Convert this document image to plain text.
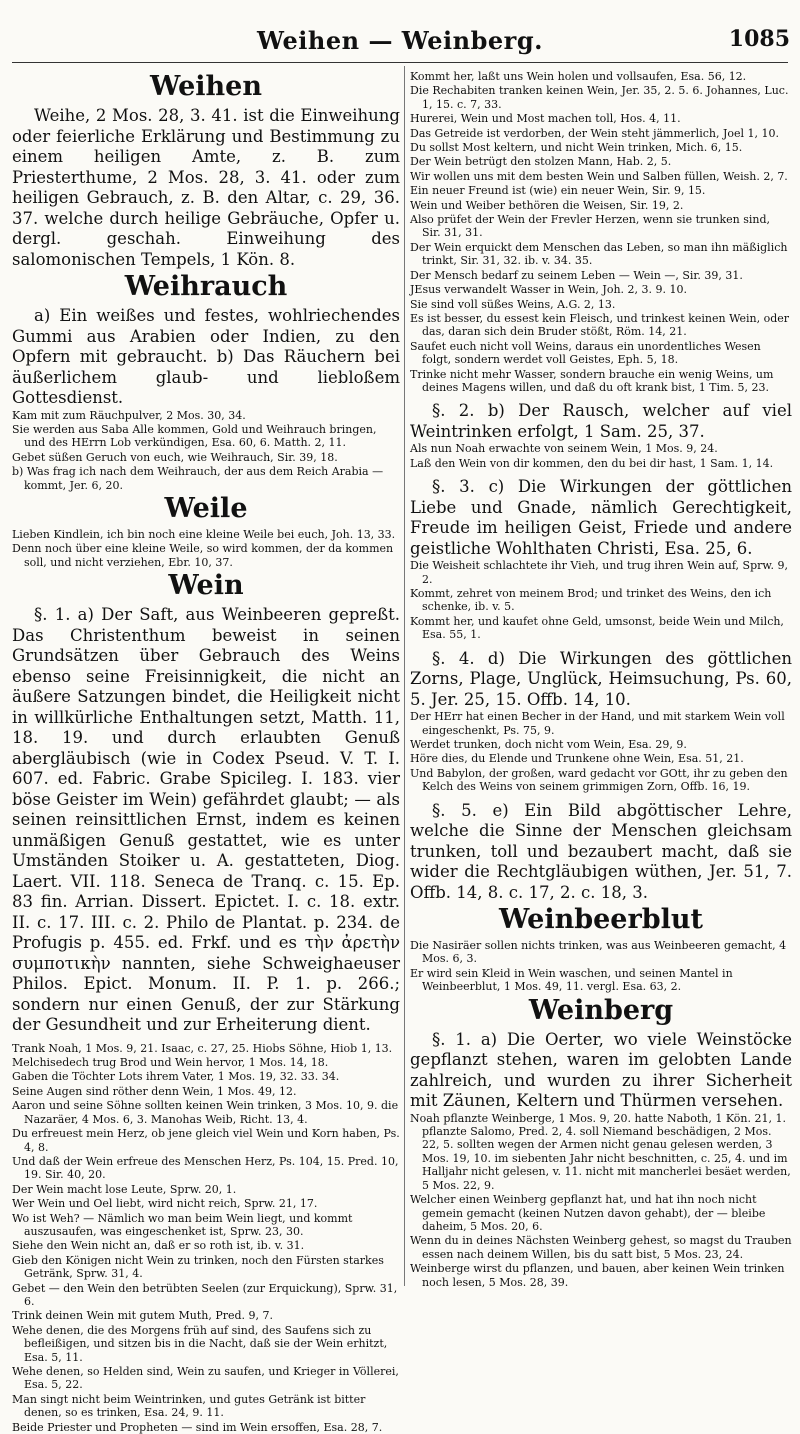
Weihen — Weinberg.	1085
Weihen

Weihe, 2 Mos. 28, 3. 41. ist die Einweihung oder feierliche Erklärung und Bestimmung zu einem heiligen Amte, z. B. zum Priesterthume, 2 Mos. 28, 3. 41. oder zum heiligen Gebrauch, z. B. den Altar, c. 29, 36. 37. welche durch heilige Gebräuche, Opfer u. dergl. geschah. Einweihung des salomonischen Tempels, 1 Kön. 8.

Weihrauch

a) Ein weißes und festes, wohlriechendes Gummi aus Arabien oder Indien, zu den Opfern mit gebraucht. b) Das Räuchern bei äußerlichem glaub- und liebloßem Gottesdienst.

Kam mit zum Räuchpulver, 2 Mos. 30, 34.

Sie werden aus Saba Alle kommen, Gold und Weihrauch bringen, und des HErrn Lob verkündigen, Esa. 60, 6. Matth. 2, 11.

Gebet süßen Geruch von euch, wie Weihrauch, Sir. 39, 18.

b) Was frag ich nach dem Weihrauch, der aus dem Reich Arabia — kommt, Jer. 6, 20.

Weile

Lieben Kindlein, ich bin noch eine kleine Weile bei euch, Joh. 13, 33.

Denn noch über eine kleine Weile, so wird kommen, der da kommen soll, und nicht verziehen, Ebr. 10, 37.

Wein

§. 1. a) Der Saft, aus Weinbeeren gepreßt. Das Christenthum beweist in seinen Grundsätzen über Gebrauch des Weins ebenso seine Freisinnigkeit, die nicht an äußere Satzungen bindet, die Heiligkeit nicht in willkürliche Enthaltungen setzt, Matth. 11, 18. 19. und durch erlaubten Genuß abergläubisch (wie in Codex Pseud. V. T. I. 607. ed. Fabric. Grabe Spicileg. I. 183. vier böse Geister im Wein) gefährdet glaubt; — als seinen reinsittlichen Ernst, indem es keinen unmäßigen Genuß gestattet, wie es unter Umständen Stoiker u. A. gestatteten, Diog. Laert. VII. 118. Seneca de Tranq. c. 15. Ep. 83 fin. Arrian. Dissert. Epictet. I. c. 18. extr. II. c. 17. III. c. 2. Philo de Plantat. p. 234. de Profugis p. 455. ed. Frkf. und es τὴν ἀρετὴν συμποτικὴν nannten, siehe Schweighaeuser Philos. Epict. Monum. II. P. 1. p. 266.; sondern nur einen Genuß, der zur Stärkung der Gesundheit und zur Erheiterung dient.

Trank Noah, 1 Mos. 9, 21. Isaac, c. 27, 25. Hiobs Söhne, Hiob 1, 13.

Melchisedech trug Brod und Wein hervor, 1 Mos. 14, 18.

Gaben die Töchter Lots ihrem Vater, 1 Mos. 19, 32. 33. 34.

Seine Augen sind röther denn Wein, 1 Mos. 49, 12.

Aaron und seine Söhne sollten keinen Wein trinken, 3 Mos. 10, 9. die Nazaräer, 4 Mos. 6, 3. Manohas Weib, Richt. 13, 4.

Du erfreuest mein Herz, ob jene gleich viel Wein und Korn haben, Ps. 4, 8.

Und daß der Wein erfreue des Menschen Herz, Ps. 104, 15. Pred. 10, 19. Sir. 40, 20.

Der Wein macht lose Leute, Sprw. 20, 1.

Wer Wein und Oel liebt, wird nicht reich, Sprw. 21, 17.

Wo ist Weh? — Nämlich wo man beim Wein liegt, und kommt auszusaufen, was eingeschenket ist, Sprw. 23, 30.

Siehe den Wein nicht an, daß er so roth ist, ib. v. 31.

Gieb den Königen nicht Wein zu trinken, noch den Fürsten starkes Getränk, Sprw. 31, 4.

Gebet — den Wein den betrübten Seelen (zur Erquickung), Sprw. 31, 6.

Trink deinen Wein mit gutem Muth, Pred. 9, 7.

Wehe denen, die des Morgens früh auf sind, des Saufens sich zu befleißigen, und sitzen bis in die Nacht, daß sie der Wein erhitzt, Esa. 5, 11.

Wehe denen, so Helden sind, Wein zu saufen, und Krieger in Völlerei, Esa. 5, 22.

Man singt nicht beim Weintrinken, und gutes Getränk ist bitter denen, so es trinken, Esa. 24, 9. 11.

Beide Priester und Propheten — sind im Wein ersoffen, Esa. 28, 7.

Kommt her, laßt uns Wein holen und vollsaufen, Esa. 56, 12.

Die Rechabiten tranken keinen Wein, Jer. 35, 2. 5. 6. Johannes, Luc. 1, 15. c. 7, 33.

Hurerei, Wein und Most machen toll, Hos. 4, 11.

Das Getreide ist verdorben, der Wein steht jämmerlich, Joel 1, 10.

Du sollst Most keltern, und nicht Wein trinken, Mich. 6, 15.

Der Wein betrügt den stolzen Mann, Hab. 2, 5.

Wir wollen uns mit dem besten Wein und Salben füllen, Weish. 2, 7.

Ein neuer Freund ist (wie) ein neuer Wein, Sir. 9, 15.

Wein und Weiber bethören die Weisen, Sir. 19, 2.

Also prüfet der Wein der Frevler Herzen, wenn sie trunken sind, Sir. 31, 31.

Der Wein erquickt dem Menschen das Leben, so man ihn mäßiglich trinkt, Sir. 31, 32. ib. v. 34. 35.

Der Mensch bedarf zu seinem Leben — Wein —, Sir. 39, 31.

JEsus verwandelt Wasser in Wein, Joh. 2, 3. 9. 10.

Sie sind voll süßes Weins, A.G. 2, 13.

Es ist besser, du essest kein Fleisch, und trinkest keinen Wein, oder das, daran sich dein Bruder stößt, Röm. 14, 21.

Saufet euch nicht voll Weins, daraus ein unordentliches Wesen folgt, sondern werdet voll Geistes, Eph. 5, 18.

Trinke nicht mehr Wasser, sondern brauche ein wenig Weins, um deines Magens willen, und daß du oft krank bist, 1 Tim. 5, 23.

§. 2. b) Der Rausch, welcher auf viel Weintrinken erfolgt, 1 Sam. 25, 37.

Als nun Noah erwachte von seinem Wein, 1 Mos. 9, 24.

Laß den Wein von dir kommen, den du bei dir hast, 1 Sam. 1, 14.

§. 3. c) Die Wirkungen der göttlichen Liebe und Gnade, nämlich Gerechtigkeit, Freude im heiligen Geist, Friede und andere geistliche Wohlthaten Christi, Esa. 25, 6.

Die Weisheit schlachtete ihr Vieh, und trug ihren Wein auf, Sprw. 9, 2.

Kommt, zehret von meinem Brod; und trinket des Weins, den ich schenke, ib. v. 5.

Kommt her, und kaufet ohne Geld, umsonst, beide Wein und Milch, Esa. 55, 1.

§. 4. d) Die Wirkungen des göttlichen Zorns, Plage, Unglück, Heimsuchung, Ps. 60, 5. Jer. 25, 15. Offb. 14, 10.

Der HErr hat einen Becher in der Hand, und mit starkem Wein voll eingeschenkt, Ps. 75, 9.

Werdet trunken, doch nicht vom Wein, Esa. 29, 9.

Höre dies, du Elende und Trunkene ohne Wein, Esa. 51, 21.

Und Babylon, der großen, ward gedacht vor GOtt, ihr zu geben den Kelch des Weins von seinem grimmigen Zorn, Offb. 16, 19.

§. 5. e) Ein Bild abgöttischer Lehre, welche die Sinne der Menschen gleichsam trunken, toll und bezaubert macht, daß sie wider die Rechtgläubigen wüthen, Jer. 51, 7. Offb. 14, 8. c. 17, 2. c. 18, 3.

Weinbeerblut

Die Nasiräer sollen nichts trinken, was aus Weinbeeren gemacht, 4 Mos. 6, 3.

Er wird sein Kleid in Wein waschen, und seinen Mantel in Weinbeerblut, 1 Mos. 49, 11. vergl. Esa. 63, 2.

Weinberg

§. 1. a) Die Oerter, wo viele Weinstöcke gepflanzt stehen, waren im gelobten Lande zahlreich, und wurden zu ihrer Sicherheit mit Zäunen, Keltern und Thürmen versehen.

Noah pflanzte Weinberge, 1 Mos. 9, 20. hatte Naboth, 1 Kön. 21, 1. pflanzte Salomo, Pred. 2, 4. soll Niemand beschädigen, 2 Mos. 22, 5. sollten wegen der Armen nicht genau gelesen werden, 3 Mos. 19, 10. im siebenten Jahr nicht beschnitten, c. 25, 4. und im Halljahr nicht gelesen, v. 11. nicht mit mancherlei besäet werden, 5 Mos. 22, 9.

Welcher einen Weinberg gepflanzt hat, und hat ihn noch nicht gemein gemacht (keinen Nutzen davon gehabt), der — bleibe daheim, 5 Mos. 20, 6.

Wenn du in deines Nächsten Weinberg gehest, so magst du Trauben essen nach deinem Willen, bis du satt bist, 5 Mos. 23, 24.

Weinberge wirst du pflanzen, und bauen, aber keinen Wein trinken noch lesen, 5 Mos. 28, 39.
